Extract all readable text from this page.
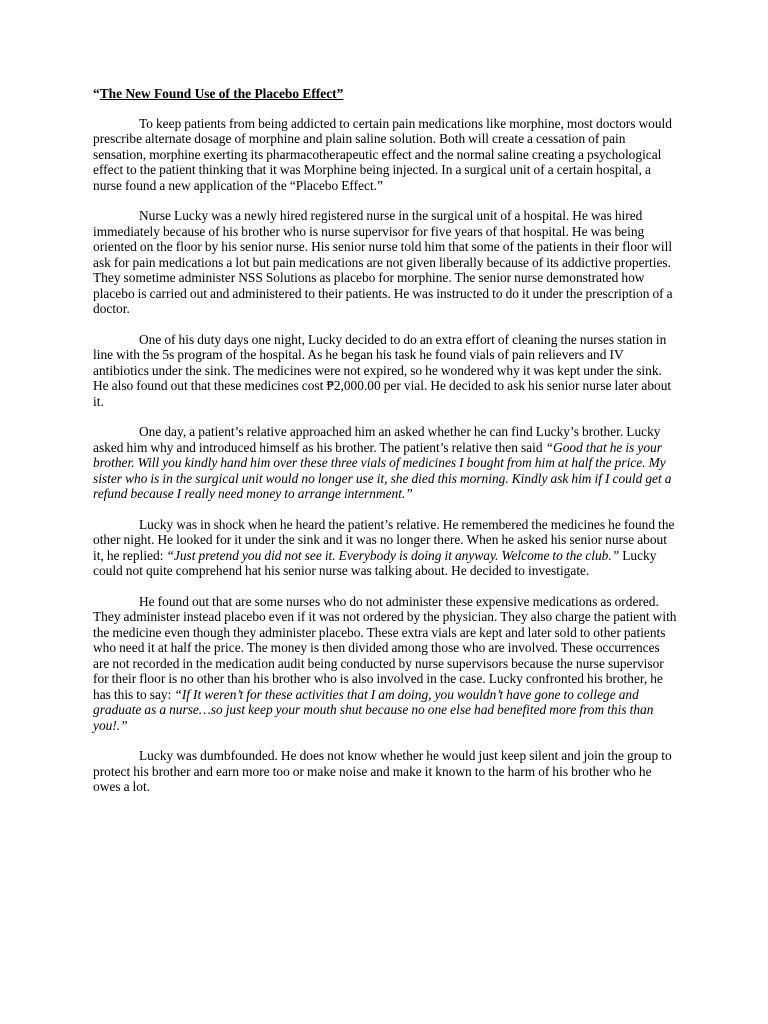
“The New Found Use of the Placebo Effect”

To keep patients from being addicted to certain pain medications like morphine, most doctors would prescribe alternate dosage of morphine and plain saline solution. Both will create a cessation of pain sensation, morphine exerting its pharmacotherapeutic effect and the normal saline creating a psychological effect to the patient thinking that it was Morphine being injected. In a surgical unit of a certain hospital, a nurse found a new application of the “Placebo Effect.”

Nurse Lucky was a newly hired registered nurse in the surgical unit of a hospital. He was hired immediately because of his brother who is nurse supervisor for five years of that hospital. He was being oriented on the floor by his senior nurse. His senior nurse told him that some of the patients in their floor will ask for pain medications a lot but pain medications are not given liberally because of its addictive properties. They sometime administer NSS Solutions as placebo for morphine. The senior nurse demonstrated how placebo is carried out and administered to their patients. He was instructed to do it under the prescription of a doctor.

One of his duty days one night, Lucky decided to do an extra effort of cleaning the nurses station in line with the 5s program of the hospital. As he began his task he found vials of pain relievers and IV antibiotics under the sink. The medicines were not expired, so he wondered why it was kept under the sink. He also found out that these medicines cost ₱2,000.00 per vial. He decided to ask his senior nurse later about it.

One day, a patient’s relative approached him an asked whether he can find Lucky’s brother. Lucky asked him why and introduced himself as his brother. The patient’s relative then said “Good that he is your brother. Will you kindly hand him over these three vials of medicines I bought from him at half the price. My sister who is in the surgical unit would no longer use it, she died this morning. Kindly ask him if I could get a refund because I really need money to arrange internment.”

Lucky was in shock when he heard the patient’s relative. He remembered the medicines he found the other night. He looked for it under the sink and it was no longer there. When he asked his senior nurse about it, he replied: “Just pretend you did not see it. Everybody is doing it anyway. Welcome to the club.” Lucky could not quite comprehend hat his senior nurse was talking about. He decided to investigate.

He found out that are some nurses who do not administer these expensive medications as ordered. They administer instead placebo even if it was not ordered by the physician. They also charge the patient with the medicine even though they administer placebo. These extra vials are kept and later sold to other patients who need it at half the price. The money is then divided among those who are involved. These occurrences are not recorded in the medication audit being conducted by nurse supervisors because the nurse supervisor for their floor is no other than his brother who is also involved in the case. Lucky confronted his brother, he has this to say: “If It weren’t for these activities that I am doing, you wouldn’t have gone to college and graduate as a nurse…so just keep your mouth shut because no one else had benefited more from this than you!.”

Lucky was dumbfounded. He does not know whether he would just keep silent and join the group to protect his brother and earn more too or make noise and make it known to the harm of his brother who he owes a lot.
